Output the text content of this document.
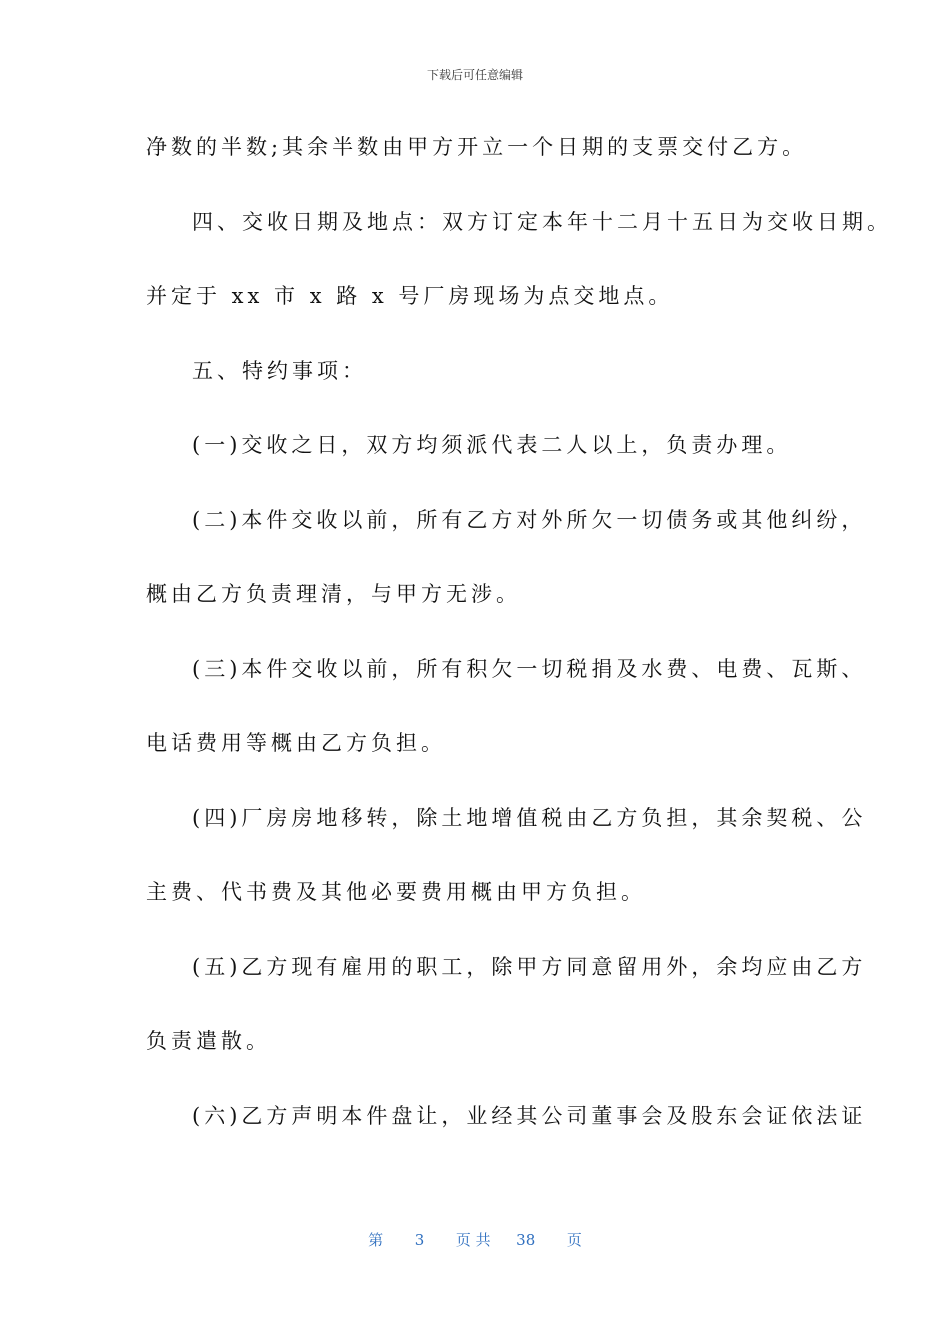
下载后可任意编辑
净数的半数;其余半数由甲方开立一个日期的支票交付乙方。
四、交收日期及地点：双方订定本年十二月十五日为交收日期。
并定于 xx 市 x 路 x 号厂房现场为点交地点。
五、特约事项：
(一)交收之日，双方均须派代表二人以上，负责办理。
(二)本件交收以前，所有乙方对外所欠一切债务或其他纠纷，
概由乙方负责理清，与甲方无涉。
(三)本件交收以前，所有积欠一切税捐及水费、电费、瓦斯、
电话费用等概由乙方负担。
(四)厂房房地移转，除土地增值税由乙方负担，其余契税、公
主费、代书费及其他必要费用概由甲方负担。
(五)乙方现有雇用的职工，除甲方同意留用外，余均应由乙方
负责遣散。
(六)乙方声明本件盘让，业经其公司董事会及股东会证依法证
第 3 页 共 38 页
